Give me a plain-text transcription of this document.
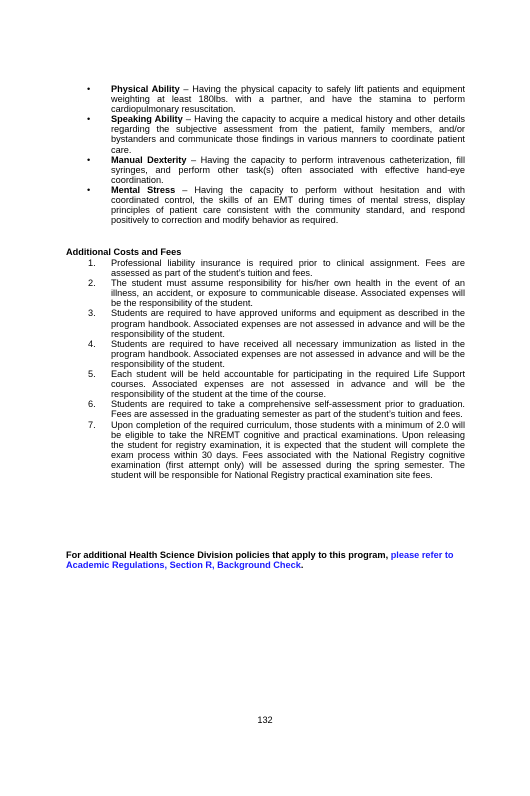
• Physical Ability – Having the physical capacity to safely lift patients and equipment weighting at least 180lbs. with a partner, and have the stamina to perform cardiopulmonary resuscitation.
• Speaking Ability – Having the capacity to acquire a medical history and other details regarding the subjective assessment from the patient, family members, and/or bystanders and communicate those findings in various manners to coordinate patient care.
• Manual Dexterity – Having the capacity to perform intravenous catheterization, fill syringes, and perform other task(s) often associated with effective hand-eye coordination.
• Mental Stress – Having the capacity to perform without hesitation and with coordinated control, the skills of an EMT during times of mental stress, display principles of patient care consistent with the community standard, and respond positively to correction and modify behavior as required.
Additional Costs and Fees
1. Professional liability insurance is required prior to clinical assignment. Fees are assessed as part of the student’s tuition and fees.
2. The student must assume responsibility for his/her own health in the event of an illness, an accident, or exposure to communicable disease. Associated expenses will be the responsibility of the student.
3. Students are required to have approved uniforms and equipment as described in the program handbook. Associated expenses are not assessed in advance and will be the responsibility of the student.
4. Students are required to have received all necessary immunization as listed in the program handbook. Associated expenses are not assessed in advance and will be the responsibility of the student.
5. Each student will be held accountable for participating in the required Life Support courses. Associated expenses are not assessed in advance and will be the responsibility of the student at the time of the course.
6. Students are required to take a comprehensive self-assessment prior to graduation. Fees are assessed in the graduating semester as part of the student’s tuition and fees.
7. Upon completion of the required curriculum, those students with a minimum of 2.0 will be eligible to take the NREMT cognitive and practical examinations. Upon releasing the student for registry examination, it is expected that the student will complete the exam process within 30 days. Fees associated with the National Registry cognitive examination (first attempt only) will be assessed during the spring semester. The student will be responsible for National Registry practical examination site fees.
For additional Health Science Division policies that apply to this program, please refer to Academic Regulations, Section R, Background Check.
132
